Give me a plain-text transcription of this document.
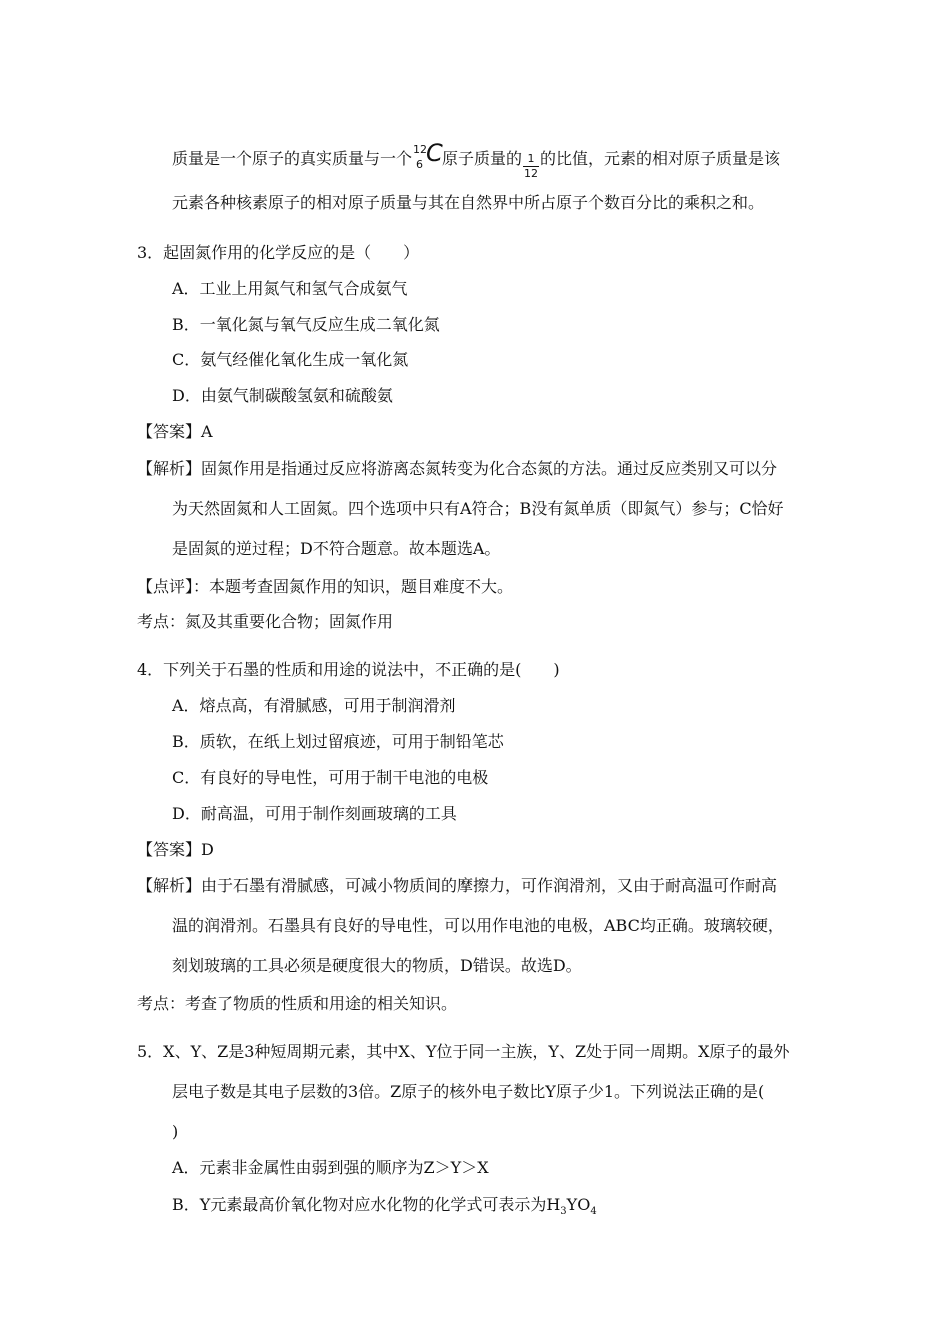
质量是一个原子的真实质量与一个 12
6 C 原子质量的 $\frac{1}{12}$ 的比值，元素的相对原子质量是该
元素各种核素原子的相对原子质量与其在自然界中所占原子个数百分比的乘积之和。
3．起固氮作用的化学反应的是（　　）
A．工业上用氮气和氢气合成氨气
B．一氧化氮与氧气反应生成二氧化氮
C．氨气经催化氧化生成一氧化氮
D．由氨气制碳酸氢氨和硫酸氨
【答案】A
【解析】固氮作用是指通过反应将游离态氮转变为化合态氮的方法。通过反应类别又可以分
为天然固氮和人工固氮。四个选项中只有A符合；B没有氮单质（即氮气）参与；C恰好
是固氮的逆过程；D不符合题意。故本题选A。
【点评】：本题考查固氮作用的知识，题目难度不大。
考点：氮及其重要化合物；固氮作用
4．下列关于石墨的性质和用途的说法中，不正确的是(　　)
A．熔点高，有滑腻感，可用于制润滑剂
B．质软，在纸上划过留痕迹，可用于制铅笔芯
C．有良好的导电性，可用于制干电池的电极
D．耐高温，可用于制作刻画玻璃的工具
【答案】D
【解析】由于石墨有滑腻感，可减小物质间的摩擦力，可作润滑剂，又由于耐高温可作耐高
温的润滑剂。石墨具有良好的导电性，可以用作电池的电极，ABC均正确。玻璃较硬，
刻划玻璃的工具必须是硬度很大的物质，D错误。故选D。
考点：考查了物质的性质和用途的相关知识。
5．X、Y、Z是3种短周期元素，其中X、Y位于同一主族，Y、Z处于同一周期。X原子的最外
层电子数是其电子层数的3倍。Z原子的核外电子数比Y原子少1。下列说法正确的是(
)
A．元素非金属性由弱到强的顺序为Z＞Y＞X
B．Y元素最高价氧化物对应水化物的化学式可表示为$H_3YO_4$
